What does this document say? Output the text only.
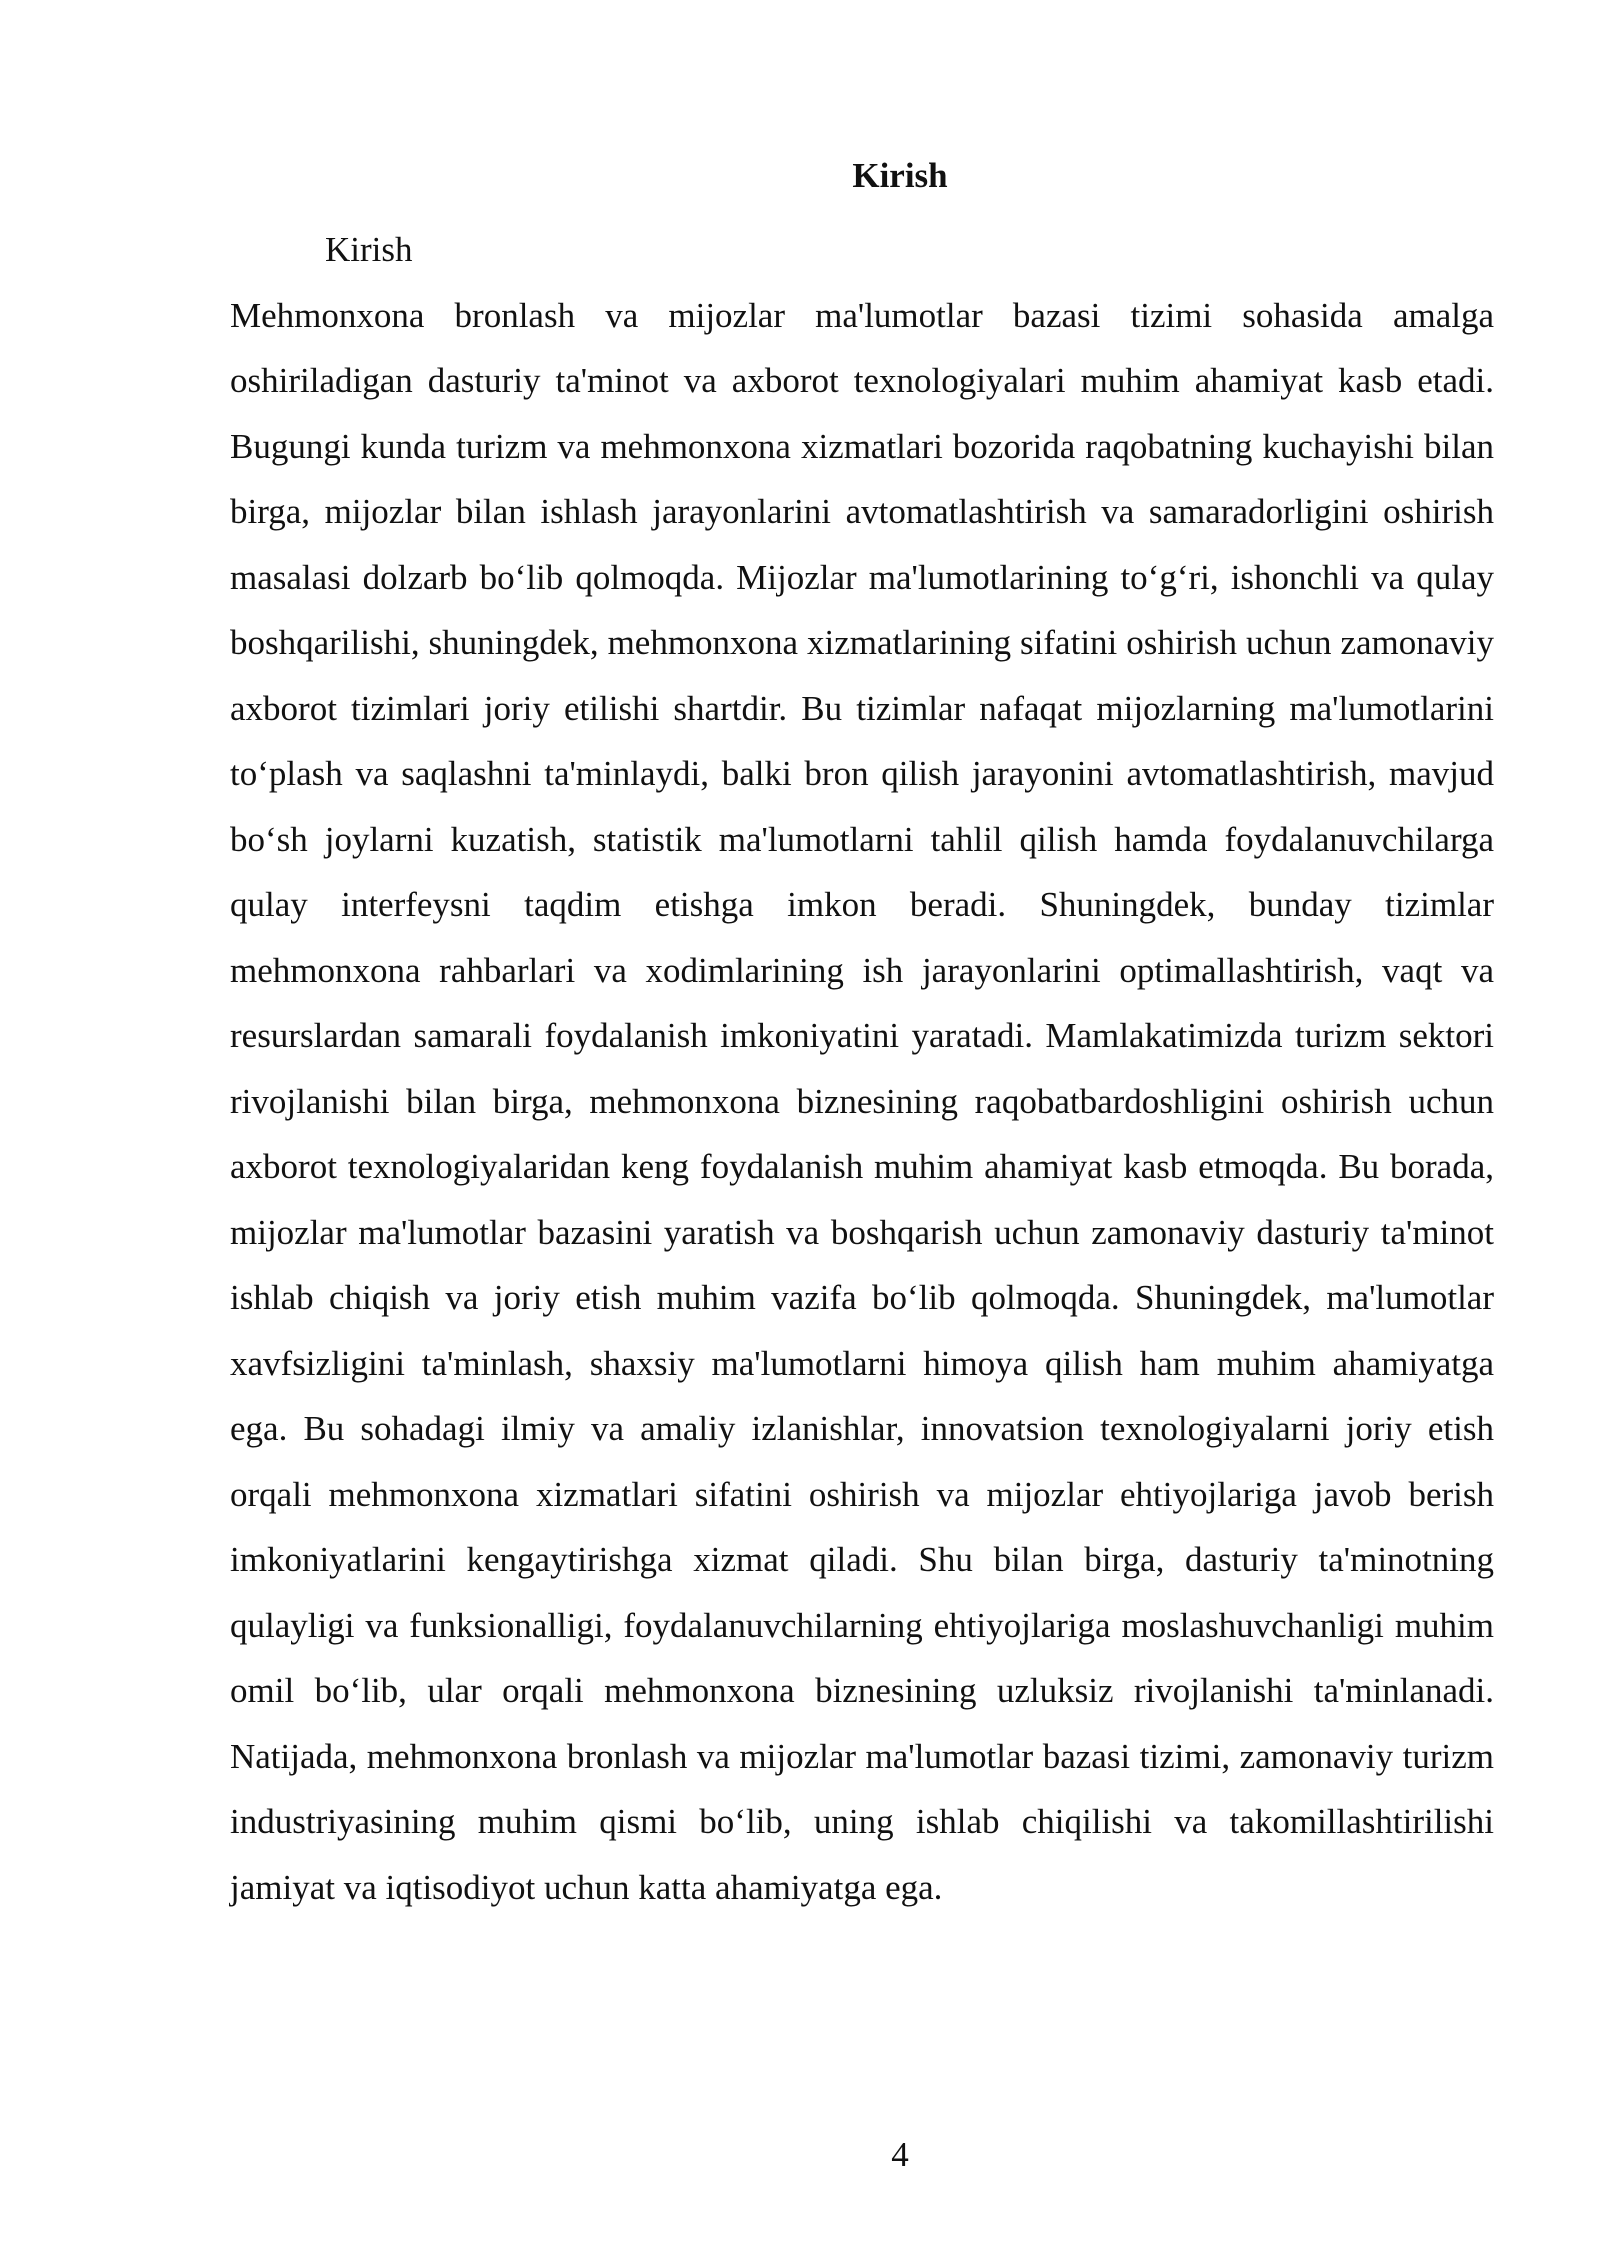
Kirish
Kirish

Mehmonxona bronlash va mijozlar ma'lumotlar bazasi tizimi sohasida amalga oshiriladigan dasturiy ta'minot va axborot texnologiyalari muhim ahamiyat kasb etadi. Bugungi kunda turizm va mehmonxona xizmatlari bozorida raqobatning kuchayishi bilan birga, mijozlar bilan ishlash jarayonlarini avtomatlashtirish va samaradorligini oshirish masalasi dolzarb bo‘lib qolmoqda. Mijozlar ma'lumotlarining to‘g‘ri, ishonchli va qulay boshqarilishi, shuningdek, mehmonxona xizmatlarining sifatini oshirish uchun zamonaviy axborot tizimlari joriy etilishi shartdir. Bu tizimlar nafaqat mijozlarning ma'lumotlarini to‘plash va saqlashni ta'minlaydi, balki bron qilish jarayonini avtomatlashtirish, mavjud bo‘sh joylarni kuzatish, statistik ma'lumotlarni tahlil qilish hamda foydalanuvchilarga qulay interfeysni taqdim etishga imkon beradi. Shuningdek, bunday tizimlar mehmonxona rahbarlari va xodimlarining ish jarayonlarini optimallashtirish, vaqt va resurslardan samarali foydalanish imkoniyatini yaratadi. Mamlakatimizda turizm sektori rivojlanishi bilan birga, mehmonxona biznesining raqobatbardoshligini oshirish uchun axborot texnologiyalaridan keng foydalanish muhim ahamiyat kasb etmoqda. Bu borada, mijozlar ma'lumotlar bazasini yaratish va boshqarish uchun zamonaviy dasturiy ta'minot ishlab chiqish va joriy etish muhim vazifa bo‘lib qolmoqda. Shuningdek, ma'lumotlar xavfsizligini ta'minlash, shaxsiy ma'lumotlarni himoya qilish ham muhim ahamiyatga ega. Bu sohadagi ilmiy va amaliy izlanishlar, innovatsion texnologiyalarni joriy etish orqali mehmonxona xizmatlari sifatini oshirish va mijozlar ehtiyojlariga javob berish imkoniyatlarini kengaytirishga xizmat qiladi. Shu bilan birga, dasturiy ta'minotning qulayligi va funksionalligi, foydalanuvchilarning ehtiyojlariga moslashuvchanligi muhim omil bo‘lib, ular orqali mehmonxona biznesining uzluksiz rivojlanishi ta'minlanadi. Natijada, mehmonxona bronlash va mijozlar ma'lumotlar bazasi tizimi, zamonaviy turizm industriyasining muhim qismi bo‘lib, uning ishlab chiqilishi va takomillashtirilishi jamiyat va iqtisodiyot uchun katta ahamiyatga ega.

4
